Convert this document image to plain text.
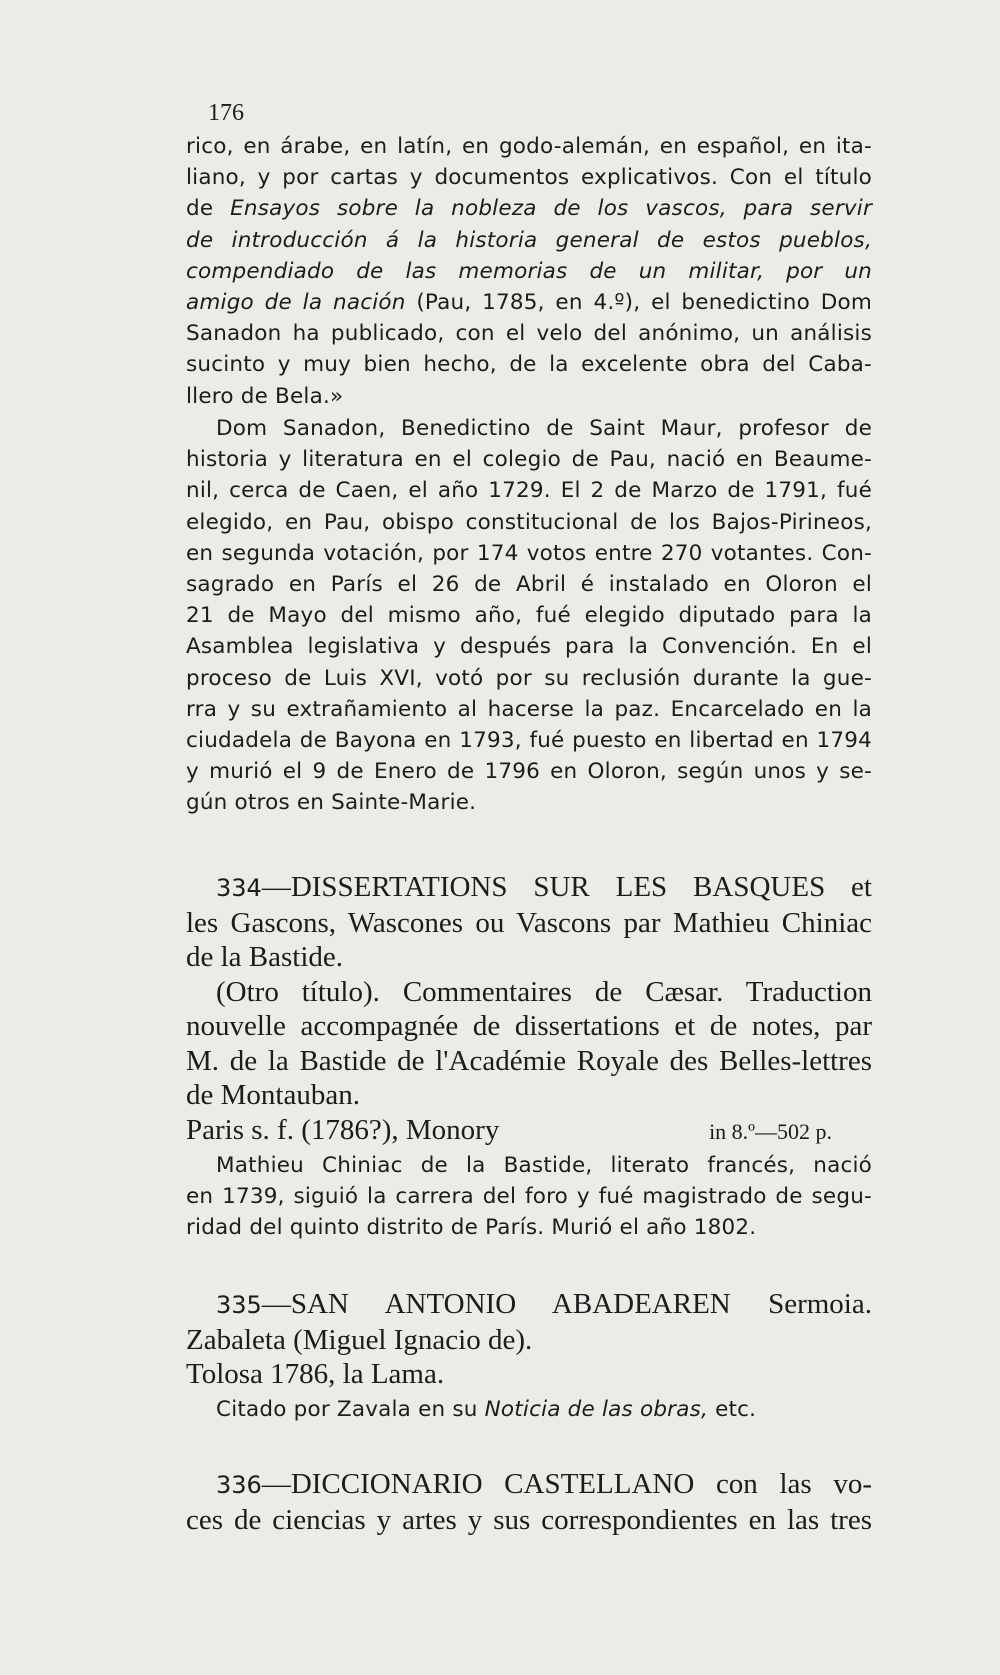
176
rico, en árabe, en latín, en godo-alemán, en español, en ita-
liano, y por cartas y documentos explicativos. Con el título
de Ensayos sobre la nobleza de los vascos, para servir
de introducción á la historia general de estos pueblos,
compendiado de las memorias de un militar, por un
amigo de la nación (Pau, 1785, en 4.º), el benedictino Dom
Sanadon ha publicado, con el velo del anónimo, un análisis
sucinto y muy bien hecho, de la excelente obra del Caba-
llero de Bela.»
Dom Sanadon, Benedictino de Saint Maur, profesor de
historia y literatura en el colegio de Pau, nació en Beaume-
nil, cerca de Caen, el año 1729. El 2 de Marzo de 1791, fué
elegido, en Pau, obispo constitucional de los Bajos-Pirineos,
en segunda votación, por 174 votos entre 270 votantes. Con-
sagrado en París el 26 de Abril é instalado en Oloron el
21 de Mayo del mismo año, fué elegido diputado para la
Asamblea legislativa y después para la Convención. En el
proceso de Luis XVI, votó por su reclusión durante la gue-
rra y su extrañamiento al hacerse la paz. Encarcelado en la
ciudadela de Bayona en 1793, fué puesto en libertad en 1794
y murió el 9 de Enero de 1796 en Oloron, según unos y se-
gún otros en Sainte-Marie.
334—DISSERTATIONS SUR LES BASQUES et
les Gascons, Wascones ou Vascons par Mathieu Chiniac
de la Bastide.
(Otro título). Commentaires de Cæsar. Traduction
nouvelle accompagnée de dissertations et de notes, par
M. de la Bastide de l'Académie Royale des Belles-lettres
de Montauban.
Paris s. f. (1786?), Monory	in 8.º—502 p.
Mathieu Chiniac de la Bastide, literato francés, nació
en 1739, siguió la carrera del foro y fué magistrado de segu-
ridad del quinto distrito de París. Murió el año 1802.
335—SAN ANTONIO ABADEAREN Sermoia.
Zabaleta (Miguel Ignacio de).
Tolosa 1786, la Lama.
Citado por Zavala en su Noticia de las obras, etc.
336—DICCIONARIO CASTELLANO con las vo-
ces de ciencias y artes y sus correspondientes en las tres
